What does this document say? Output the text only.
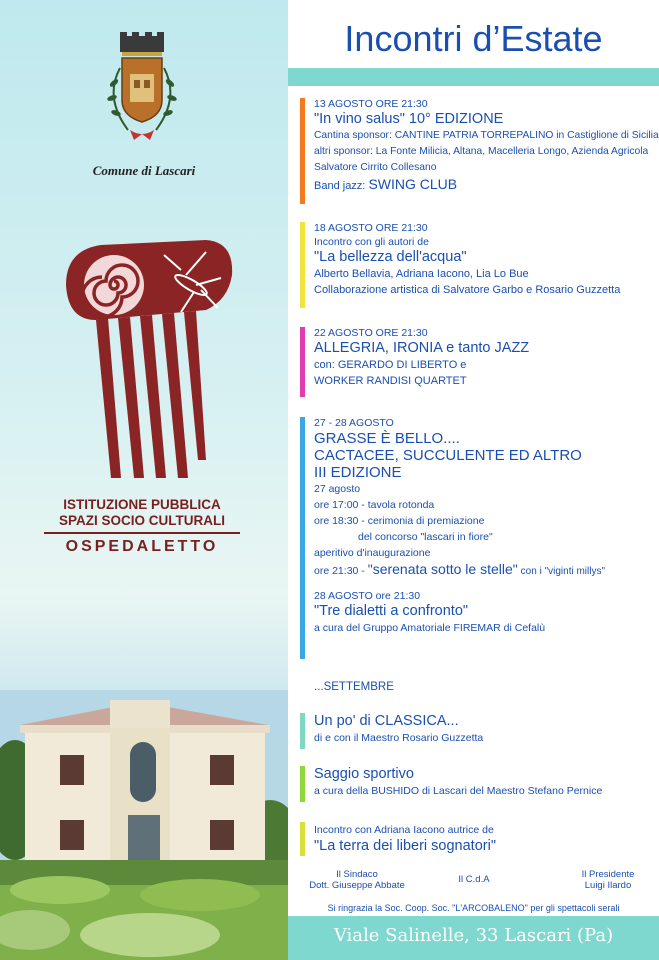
Comune di Lascari
ISTITUZIONE PUBBLICA
SPAZI SOCIO CULTURALI
OSPEDALETTO
Incontri d’Estate
13 AGOSTO ORE 21:30
"In vino salus" 10° EDIZIONE
Cantina sponsor: CANTINE PATRIA TORREPALINO in Castiglione di Sicilia
altri sponsor: La Fonte Milicia, Altana, Macelleria Longo, Azienda Agricola
Salvatore Cirrito Collesano
Band jazz: SWING CLUB
18 AGOSTO ORE 21:30
Incontro con gli autori de
"La bellezza dell'acqua"
Alberto Bellavia, Adriana Iacono, Lia Lo Bue
Collaborazione artistica di Salvatore Garbo e Rosario Guzzetta
22 AGOSTO ORE 21:30
ALLEGRIA, IRONIA e tanto JAZZ
con: GERARDO DI LIBERTO e
WORKER RANDISI QUARTET
27 - 28 AGOSTO
GRASSE È BELLO....
CACTACEE, SUCCULENTE ED ALTRO
III EDIZIONE
27 agosto
ore 17:00 - tavola rotonda
ore 18:30 - cerimonia di premiazione
del concorso "lascari in fiore"
aperitivo d'inaugurazione
ore 21:30 - "serenata sotto le stelle" con i "viginti millys"
28 AGOSTO ore 21:30
"Tre dialetti a confronto"
a cura del Gruppo Amatoriale FIREMAR di Cefalù
...SETTEMBRE
Un po' di CLASSICA...
di e con il Maestro Rosario Guzzetta
Saggio sportivo
a cura della BUSHIDO di Lascari del Maestro Stefano Pernice
Incontro con Adriana Iacono autrice de
"La terra dei liberi sognatori"
Il Sindaco
Dott. Giuseppe Abbate
Il C.d.A	Il Presidente
Luigi Ilardo
Si ringrazia la Soc. Coop. Soc. "L'ARCOBALENO" per gli spettacoli serali
Viale Salinelle, 33 Lascari (Pa)
